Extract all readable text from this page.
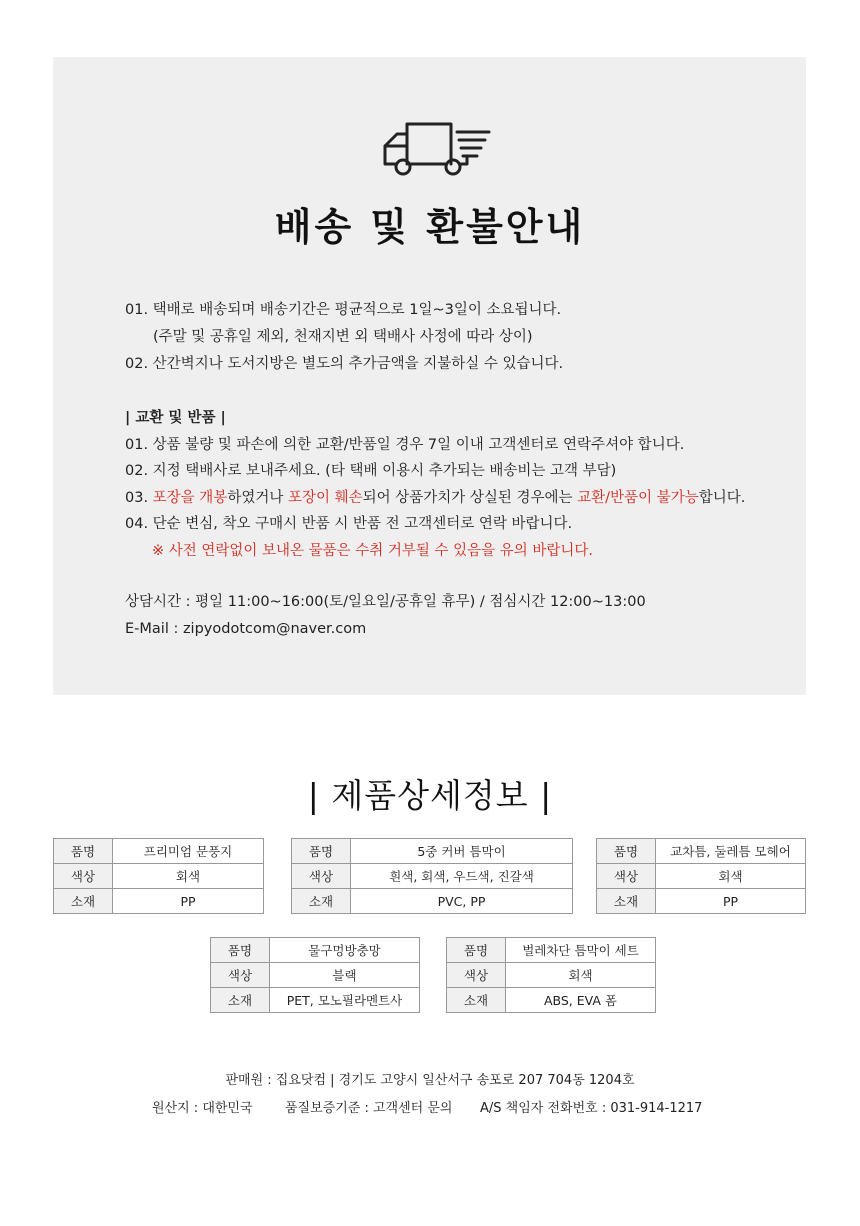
배송 및 환불안내
01. 택배로 배송되며 배송기간은 평균적으로 1일~3일이 소요됩니다.
(주말 및 공휴일 제외, 천재지변 외 택배사 사정에 따라 상이)
02. 산간벽지나 도서지방은 별도의 추가금액을 지불하실 수 있습니다.
| 교환 및 반품 |
01. 상품 불량 및 파손에 의한 교환/반품일 경우 7일 이내 고객센터로 연락주셔야 합니다.
02. 지정 택배사로 보내주세요. (타 택배 이용시 추가되는 배송비는 고객 부담)
03. 포장을 개봉하였거나 포장이 훼손되어 상품가치가 상실된 경우에는 교환/반품이 불가능합니다.
04. 단순 변심, 착오 구매시 반품 시 반품 전 고객센터로 연락 바랍니다.
※ 사전 연락없이 보내온 물품은 수취 거부될 수 있음을 유의 바랍니다.
상담시간 : 평일 11:00~16:00(토/일요일/공휴일 휴무) / 점심시간 12:00~13:00
E-Mail : zipyodotcom@naver.com
| 제품상세정보 |
품명	프리미엄 문풍지
색상	회색
소재	PP
품명	5중 커버 틈막이
색상	흰색, 회색, 우드색, 진갈색
소재	PVC, PP
품명	교차틈, 둘레틈 모헤어
색상	회색
소재	PP
품명	물구멍방충망
색상	블랙
소재	PET, 모노필라멘트사
품명	벌레차단 틈막이 세트
색상	회색
소재	ABS, EVA 폼
판매원 : 집요닷컴 | 경기도 고양시 일산서구 송포로 207 704동 1204호
원산지 : 대한민국 품질보증기준 : 고객센터 문의 A/S 책임자 전화번호 : 031-914-1217
